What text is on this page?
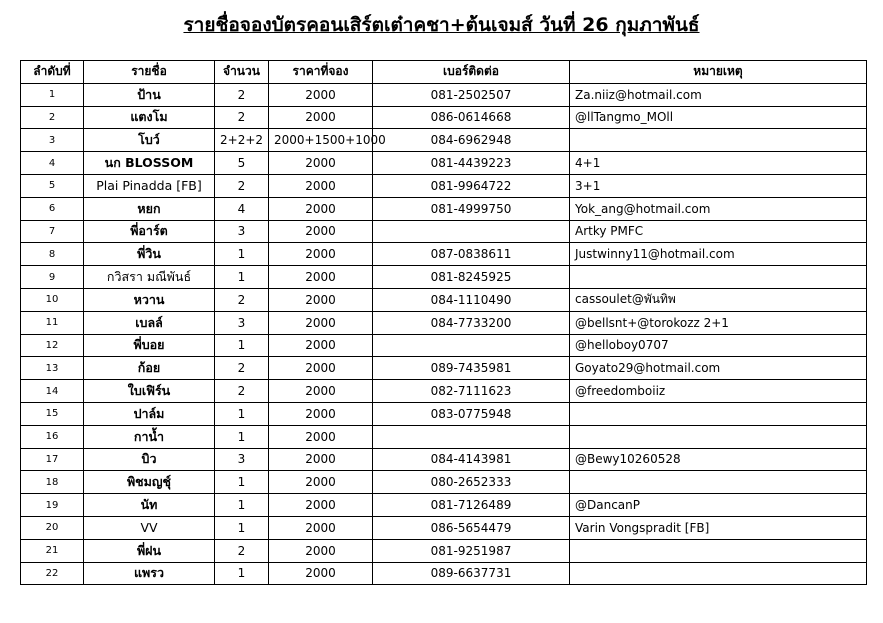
รายชื่อจองบัตรคอนเสิร์ตเต๋าคชา+ต้นเจมส์ วันที่ 26 กุมภาพันธ์
ลำดับที่	รายชื่อ	จำนวน	ราคาที่จอง	เบอร์ติดต่อ	หมายเหตุ
1	ป้าน	2	2000	081-2502507	Za.niiz@hotmail.com
2	แตงโม	2	2000	086-0614668	@llTangmo_MOll
3	โบว์	2+2+2	2000+1500+1000	084-6962948	
4	นก BLOSSOM	5	2000	081-4439223	4+1
5	Plai Pinadda [FB]	2	2000	081-9964722	3+1
6	หยก	4	2000	081-4999750	Yok_ang@hotmail.com
7	พี่อาร์ต	3	2000		Artky PMFC
8	พี่วิน	1	2000	087-0838611	Justwinny11@hotmail.com
9	กวิสรา มณีพันธ์	1	2000	081-8245925	
10	หวาน	2	2000	084-1110490	cassoulet@พันทิพ
11	เบลล์	3	2000	084-7733200	@bellsnt+@torokozz 2+1
12	พี่บอย	1	2000		@helloboy0707
13	ก้อย	2	2000	089-7435981	Goyato29@hotmail.com
14	ใบเฟิร์น	2	2000	082-7111623	@freedomboiiz
15	ปาล์ม	1	2000	083-0775948	
16	กาน้ำ	1	2000		
17	บิว	3	2000	084-4143981	@Bewy10260528
18	พิชมญชุ์	1	2000	080-2652333	
19	นัท	1	2000	081-7126489	@DancanP
20	VV	1	2000	086-5654479	Varin Vongspradit [FB]
21	พี่ฝน	2	2000	081-9251987	
22	แพรว	1	2000	089-6637731	
